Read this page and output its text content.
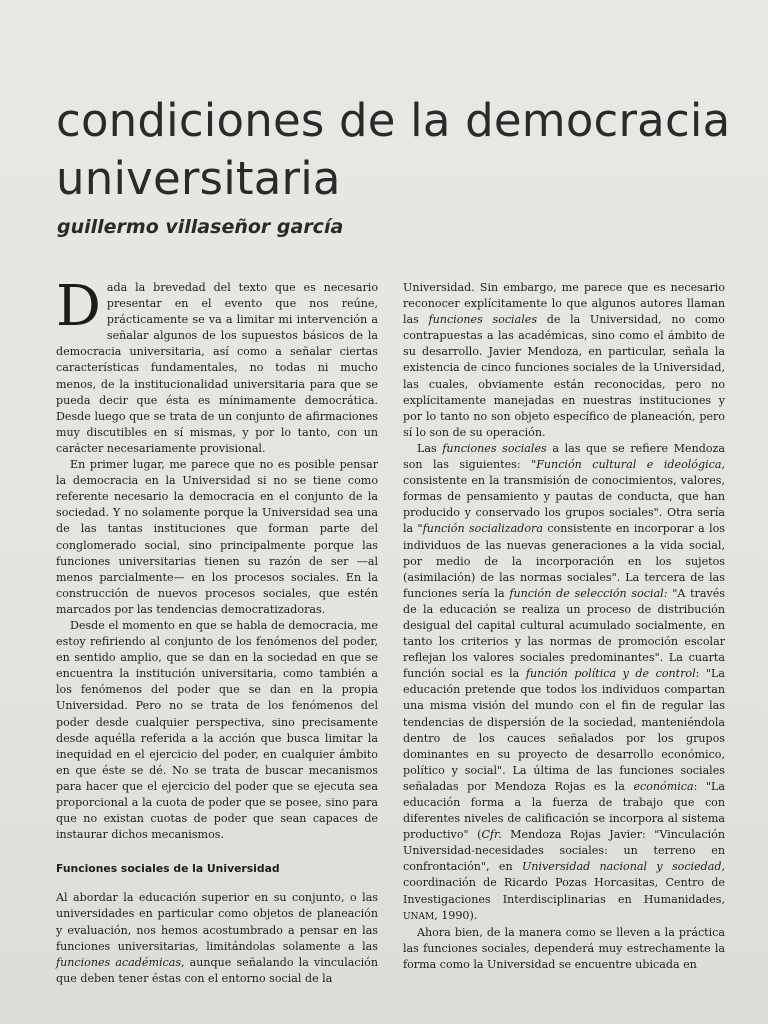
condiciones de la democracia universitaria
guillermo villaseñor garcía

Dada la brevedad del texto que es necesario presentar en el evento que nos reúne, prácticamente se va a limitar mi intervención a señalar algunos de los supuestos básicos de la democracia universitaria, así como a señalar ciertas características fundamentales, no todas ni mucho menos, de la institucionalidad universitaria para que se pueda decir que ésta es mínimamente democrática. Desde luego que se trata de un conjunto de afirmaciones muy discutibles en sí mismas, y por lo tanto, con un carácter necesariamente provisional.

En primer lugar, me parece que no es posible pensar la democracia en la Universidad si no se tiene como referente necesario la democracia en el conjunto de la sociedad. Y no solamente porque la Universidad sea una de las tantas instituciones que forman parte del conglomerado social, sino principalmente porque las funciones universitarias tienen su razón de ser —al menos parcialmente— en los procesos sociales. En la construcción de nuevos procesos sociales, que estén marcados por las tendencias democratizadoras.

Desde el momento en que se habla de democracia, me estoy refiriendo al conjunto de los fenómenos del poder, en sentido amplio, que se dan en la sociedad en que se encuentra la institución universitaria, como también a los fenómenos del poder que se dan en la propia Universidad. Pero no se trata de los fenómenos del poder desde cualquier perspectiva, sino precisamente desde aquélla referida a la acción que busca limitar la inequidad en el ejercicio del poder, en cualquier ámbito en que éste se dé. No se trata de buscar mecanismos para hacer que el ejercicio del poder que se ejecuta sea proporcional a la cuota de poder que se posee, sino para que no existan cuotas de poder que sean capaces de instaurar dichos mecanismos.

Funciones sociales de la Universidad

Al abordar la educación superior en su conjunto, o las universidades en particular como objetos de planeación y evaluación, nos hemos acostumbrado a pensar en las funciones universitarias, limitándolas solamente a las funciones académicas, aunque señalando la vinculación que deben tener éstas con el entorno social de la

Universidad. Sin embargo, me parece que es necesario reconocer explícitamente lo que algunos autores llaman las funciones sociales de la Universidad, no como contrapuestas a las académicas, sino como el ámbito de su desarrollo. Javier Mendoza, en particular, señala la existencia de cinco funciones sociales de la Universidad, las cuales, obviamente están reconocidas, pero no explícitamente manejadas en nuestras instituciones y por lo tanto no son objeto específico de planeación, pero sí lo son de su operación.

Las funciones sociales a las que se refiere Mendoza son las siguientes: "Función cultural e ideológica, consistente en la transmisión de conocimientos, valores, formas de pensamiento y pautas de conducta, que han producido y conservado los grupos sociales". Otra sería la "función socializadora consistente en incorporar a los individuos de las nuevas generaciones a la vida social, por medio de la incorporación en los sujetos (asimilación) de las normas sociales". La tercera de las funciones sería la función de selección social: "A través de la educación se realiza un proceso de distribución desigual del capital cultural acumulado socialmente, en tanto los criterios y las normas de promoción escolar reflejan los valores sociales predominantes". La cuarta función social es la función política y de control: "La educación pretende que todos los individuos compartan una misma visión del mundo con el fin de regular las tendencias de dispersión de la sociedad, manteniéndola dentro de los cauces señalados por los grupos dominantes en su proyecto de desarrollo económico, político y social". La última de las funciones sociales señaladas por Mendoza Rojas es la económica: "La educación forma a la fuerza de trabajo que con diferentes niveles de calificación se incorpora al sistema productivo" (Cfr. Mendoza Rojas Javier: "Vinculación Universidad-necesidades sociales: un terreno en confrontación", en Universidad nacional y sociedad, coordinación de Ricardo Pozas Horcasitas, Centro de Investigaciones Interdisciplinarias en Humanidades, UNAM, 1990).

Ahora bien, de la manera como se lleven a la práctica las funciones sociales, dependerá muy estrechamente la forma como la Universidad se encuentre ubicada en
